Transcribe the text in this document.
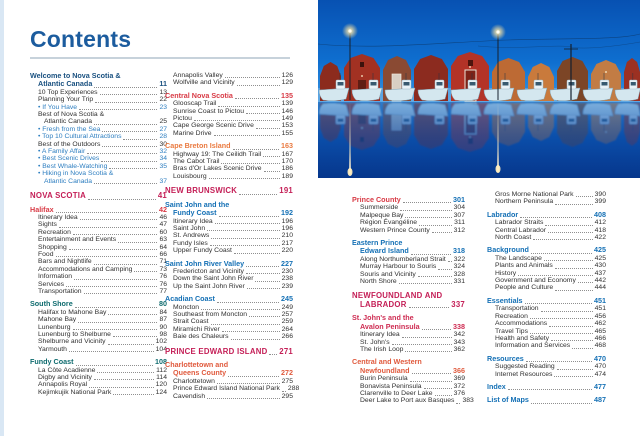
Contents
Welcome to Nova Scotia &
Atlantic Canada	11
10 Top Experiences	13
Planning Your Trip	22
• If You Have	23
Best of Nova Scotia &
Atlantic Canada	25
• Fresh from the Sea	27
• Top 10 Cultural Attractions	28
Best of the Outdoors	30
• A Family Affair	32
• Best Scenic Drives	34
• Best Whale-Watching	35
• Hiking in Nova Scotia &
Atlantic Canada	37
NOVA SCOTIA	41
Halifax	42
Itinerary Idea	46
Sights	47
Recreation	60
Entertainment and Events	63
Shopping	64
Food	66
Bars and Nightlife	71
Accommodations and Camping	73
Information	76
Services	76
Transportation	77
South Shore	80
Halifax to Mahone Bay	84
Mahone Bay	87
Lunenburg	90
Lunenburg to Shelburne	98
Shelburne and Vicinity	102
Yarmouth	104
Fundy Coast	108
La Côte Acadienne	112
Digby and Vicinity	114
Annapolis Royal	120
Kejimkujik National Park	124
Annapolis Valley	126
Wolfville and Vicinity	129
Central Nova Scotia	135
Glooscap Trail	139
Sunrise Coast to Pictou	146
Pictou	149
Cape George Scenic Drive	153
Marine Drive	155
Cape Breton Island	163
Highway 19: The Ceilidh Trail	167
The Cabot Trail	170
Bras d'Or Lakes Scenic Drive	186
Louisbourg	189
NEW BRUNSWICK	191
Saint John and the
Fundy Coast	192
Itinerary Idea	196
Saint John	196
St. Andrews	210
Fundy Isles	217
Upper Fundy Coast	220
Saint John River Valley	227
Fredericton and Vicinity	230
Down the Saint John River	238
Up the Saint John River	239
Acadian Coast	245
Moncton	249
Southeast from Moncton	257
Strait Coast	259
Miramichi River	264
Baie des Chaleurs	266
PRINCE EDWARD ISLAND 271
Charlottetown and
Queens County	272
Charlottetown	275
Prince Edward Island National Park 288
Cavendish	295
Prince County	301
Summerside	304
Malpeque Bay	307
Région Évangéline	311
Western Prince County	312
Eastern Prince
Edward Island	318
Along Northumberland Strait 322
Murray Harbour to Souris	324
Souris and Vicinity	328
North Shore	331
NEWFOUNDLAND AND
LABRADOR	337
St. John's and the
Avalon Peninsula	338
Itinerary Idea	342
St. John's	343
The Irish Loop	362
Central and Western
Newfoundland	366
Burin Peninsula	369
Bonavista Peninsula	372
Clarenville to Deer Lake	376
Deer Lake to Port aux Basques 383
Gros Morne National Park	390
Northern Peninsula	399
Labrador	408
Labrador Straits	412
Central Labrador	418
North Coast	422
Background	425
The Landscape	425
Plants and Animals	430
History	437
Government and Economy	442
People and Culture	444
Essentials	451
Transportation	451
Recreation	456
Accommodations	462
Travel Tips	465
Health and Safety	466
Information and Services	468
Resources	470
Suggested Reading	470
Internet Resources	474
Index	477
List of Maps	487
